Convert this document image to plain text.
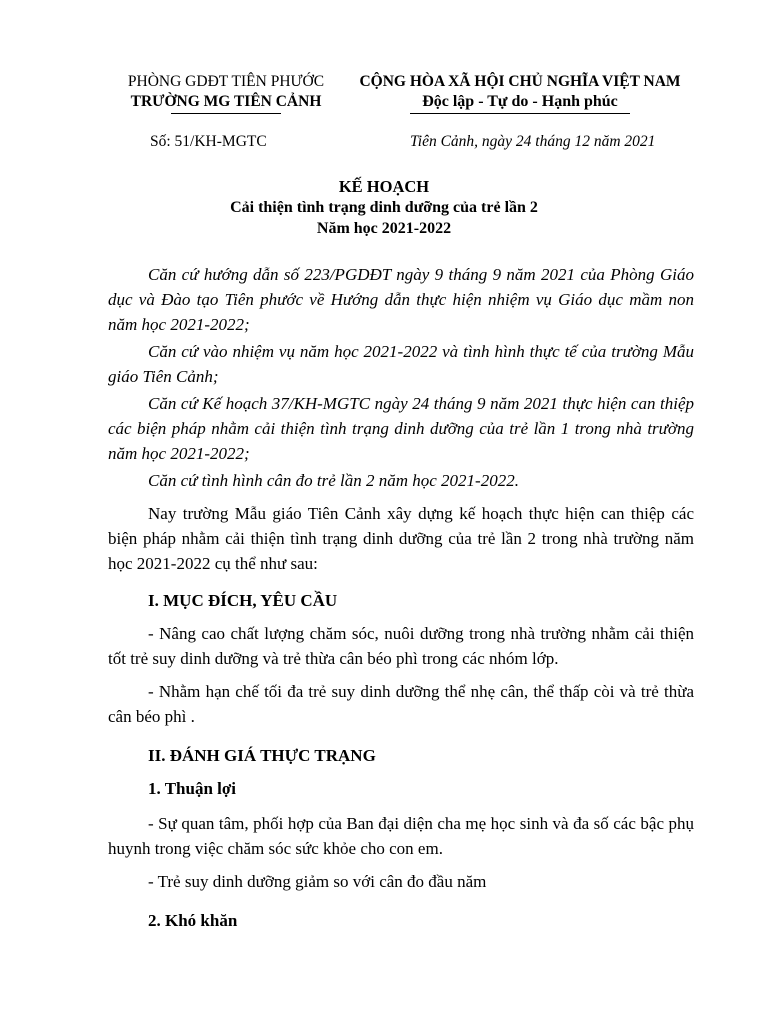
PHÒNG GDĐT TIÊN PHƯỚC
TRƯỜNG MG TIÊN CẢNH
CỘNG HÒA XÃ HỘI CHỦ NGHĨA VIỆT NAM
Độc lập - Tự do - Hạnh phúc
Số: 51/KH-MGTC	Tiên Cảnh, ngày 24 tháng 12 năm 2021
KẾ HOẠCH
Cải thiện tình trạng dinh dưỡng của trẻ lần 2
Năm học 2021-2022

Căn cứ hướng dẫn số 223/PGDĐT ngày 9 tháng 9 năm 2021 của Phòng Giáo dục và Đào tạo Tiên phước về Hướng dẫn thực hiện nhiệm vụ Giáo dục mầm non năm học 2021-2022;

Căn cứ vào nhiệm vụ năm học 2021-2022 và tình hình thực tế của trường Mẫu giáo Tiên Cảnh;

Căn cứ Kế hoạch 37/KH-MGTC ngày 24 tháng 9 năm 2021 thực hiện can thiệp các biện pháp nhằm cải thiện tình trạng dinh dưỡng của trẻ lần 1 trong nhà trường năm học 2021-2022;

Căn cứ tình hình cân đo trẻ lần 2 năm học 2021-2022.

Nay trường Mẫu giáo Tiên Cảnh xây dựng kế hoạch thực hiện can thiệp các biện pháp nhằm cải thiện tình trạng dinh dưỡng của trẻ lần 2 trong nhà trường năm học 2021-2022 cụ thể như sau:

I. MỤC ĐÍCH, YÊU CẦU

- Nâng cao chất lượng chăm sóc, nuôi dưỡng trong nhà trường nhằm cải thiện tốt trẻ suy dinh dưỡng và trẻ thừa cân béo phì trong các nhóm lớp.

- Nhằm hạn chế tối đa trẻ suy dinh dưỡng thể nhẹ cân, thể thấp còi và trẻ thừa cân béo phì .

II. ĐÁNH GIÁ THỰC TRẠNG
1. Thuận lợi

- Sự quan tâm, phối hợp của Ban đại diện cha mẹ học sinh và đa số các bậc phụ huynh trong việc chăm sóc sức khỏe cho con em.

- Trẻ suy dinh dưỡng giảm so với cân đo đầu năm

2. Khó khăn
